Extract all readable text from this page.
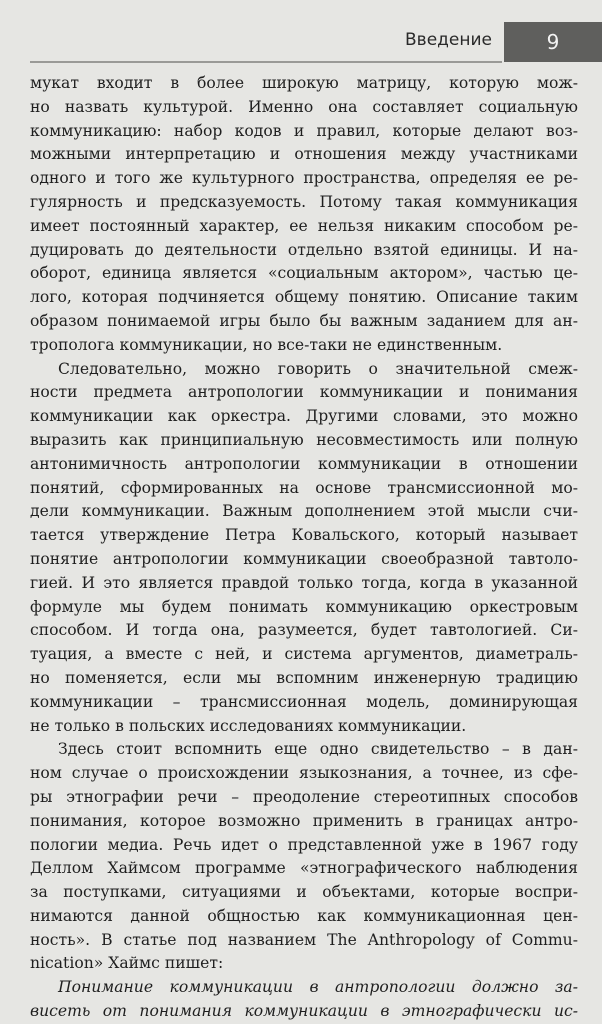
Введение	9
мукат входит в более широкую матрицу, которую мож-
но назвать культурой. Именно она составляет социальную
коммуникацию: набор кодов и правил, которые делают воз-
можными интерпретацию и отношения между участниками
одного и того же культурного пространства, определяя ее ре-
гулярность и предсказуемость. Потому такая коммуникация
имеет постоянный характер, ее нельзя никаким способом ре-
дуцировать до деятельности отдельно взятой единицы. И на-
оборот, единица является «социальным актором», частью це-
лого, которая подчиняется общему понятию. Описание таким
образом понимаемой игры было бы важным заданием для ан-
трополога коммуникации, но все-таки не единственным.
Следовательно, можно говорить о значительной смеж-
ности предмета антропологии коммуникации и понимания
коммуникации как оркестра. Другими словами, это можно
выразить как принципиальную несовместимость или полную
антонимичность антропологии коммуникации в отношении
понятий, сформированных на основе трансмиссионной мо-
дели коммуникации. Важным дополнением этой мысли счи-
тается утверждение Петра Ковальского, который называет
понятие антропологии коммуникации своеобразной тавтоло-
гией. И это является правдой только тогда, когда в указанной
формуле мы будем понимать коммуникацию оркестровым
способом. И тогда она, разумеется, будет тавтологией. Си-
туация, а вместе с ней, и система аргументов, диаметраль-
но поменяется, если мы вспомним инженерную традицию
коммуникации – трансмиссионная модель, доминирующая
не только в польских исследованиях коммуникации.
Здесь стоит вспомнить еще одно свидетельство – в дан-
ном случае о происхождении языкознания, а точнее, из сфе-
ры этнографии речи – преодоление стереотипных способов
понимания, которое возможно применить в границах антро-
пологии медиа. Речь идет о представленной уже в 1967 году
Деллом Хаймсом программе «этнографического наблюдения
за поступками, ситуациями и объектами, которые воспри-
нимаются данной общностью как коммуникационная цен-
ность». В статье под названием The Anthropology of Commu-
nication» Хаймс пишет:
Понимание коммуникации в антропологии должно за-
висеть от понимания коммуникации в этнографически ис-
